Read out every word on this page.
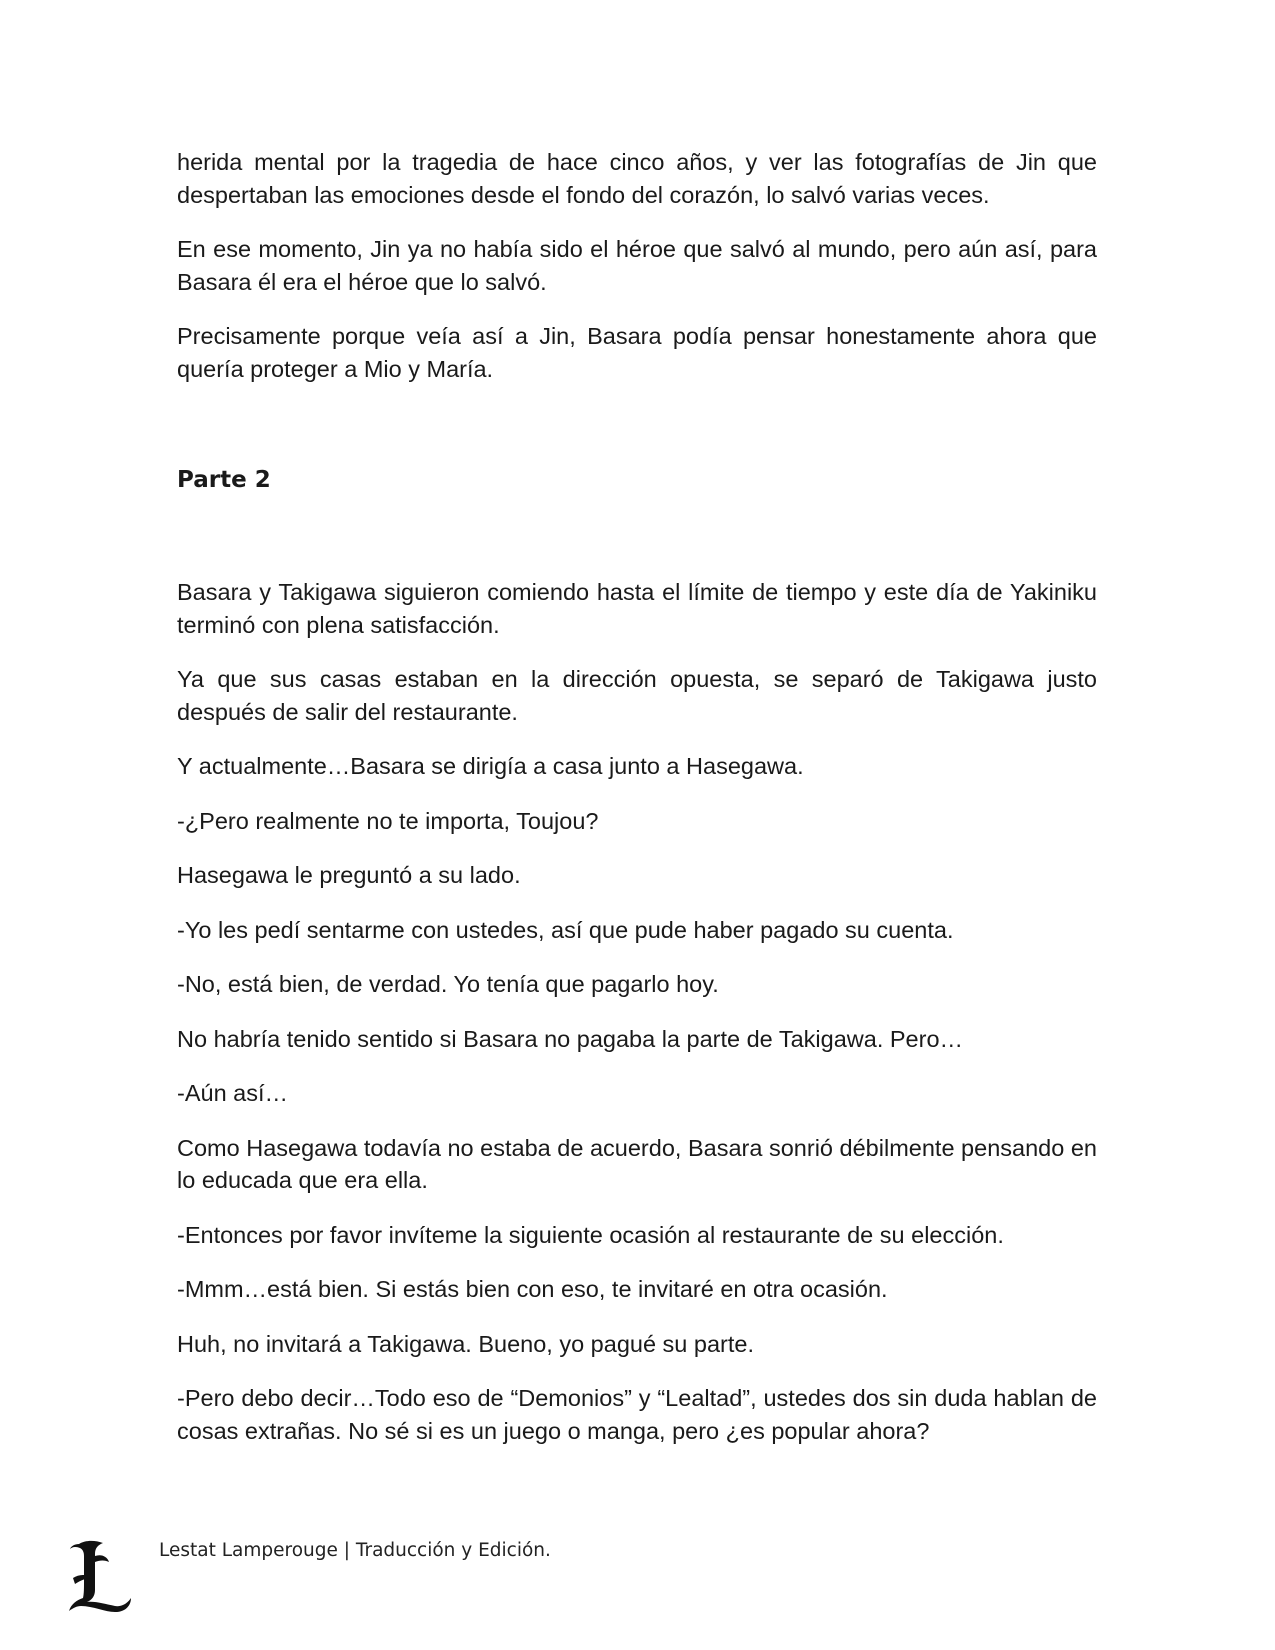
herida mental por la tragedia de hace cinco años, y ver las fotografías de Jin que despertaban las emociones desde el fondo del corazón, lo salvó varias veces.

En ese momento, Jin ya no había sido el héroe que salvó al mundo, pero aún así, para Basara él era el héroe que lo salvó.

Precisamente porque veía así a Jin, Basara podía pensar honestamente ahora que quería proteger a Mio y María.

Parte 2

Basara y Takigawa siguieron comiendo hasta el límite de tiempo y este día de Yakiniku terminó con plena satisfacción.

Ya que sus casas estaban en la dirección opuesta, se separó de Takigawa justo después de salir del restaurante.

Y actualmente…Basara se dirigía a casa junto a Hasegawa.

-¿Pero realmente no te importa, Toujou?

Hasegawa le preguntó a su lado.

-Yo les pedí sentarme con ustedes, así que pude haber pagado su cuenta.

-No, está bien, de verdad. Yo tenía que pagarlo hoy.

No habría tenido sentido si Basara no pagaba la parte de Takigawa. Pero…

-Aún así…

Como Hasegawa todavía no estaba de acuerdo, Basara sonrió débilmente pensando en lo educada que era ella.

-Entonces por favor invíteme la siguiente ocasión al restaurante de su elección.

-Mmm…está bien. Si estás bien con eso, te invitaré en otra ocasión.

Huh, no invitará a Takigawa. Bueno, yo pagué su parte.

-Pero debo decir…Todo eso de “Demonios” y “Lealtad”, ustedes dos sin duda hablan de cosas extrañas. No sé si es un juego o manga, pero ¿es popular ahora?

Lestat Lamperouge | Traducción y Edición.
